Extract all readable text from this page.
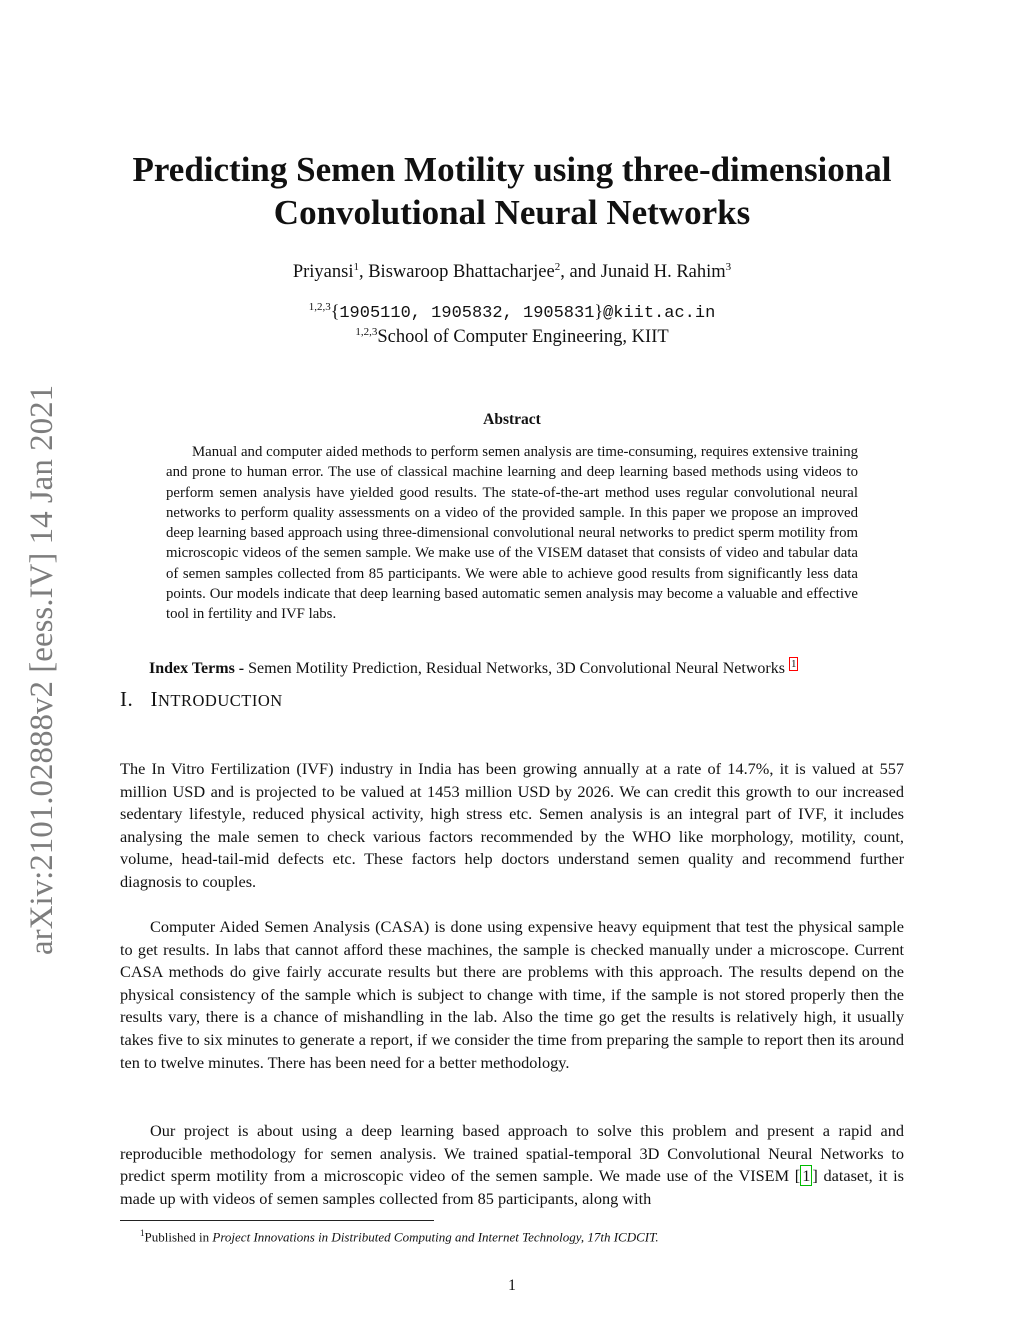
arXiv:2101.02888v2 [eess.IV] 14 Jan 2021
Predicting Semen Motility using three-dimensional
Convolutional Neural Networks
Priyansi$^1$, Biswaroop Bhattacharjee$^2$, and Junaid H. Rahim$^3$
$^{1,2,3}${1905110, 1905832, 1905831}@kiit.ac.in
$^{1,2,3}$School of Computer Engineering, KIIT
Abstract

Manual and computer aided methods to perform semen analysis are time-consuming, requires extensive training and prone to human error. The use of classical machine learning and deep learning based methods using videos to perform semen analysis have yielded good results. The state-of-the-art method uses regular convolutional neural networks to perform quality assessments on a video of the provided sample. In this paper we propose an improved deep learning based approach using three-dimensional convolutional neural networks to predict sperm motility from microscopic videos of the semen sample. We make use of the VISEM dataset that consists of video and tabular data of semen samples collected from 85 participants. We were able to achieve good results from significantly less data points. Our models indicate that deep learning based automatic semen analysis may become a valuable and effective tool in fertility and IVF labs.

Index Terms - Semen Motility Prediction, Residual Networks, 3D Convolutional Neural Networks $^1$
I. INTRODUCTION

The In Vitro Fertilization (IVF) industry in India has been growing annually at a rate of 14.7%, it is valued at 557 million USD and is projected to be valued at 1453 million USD by 2026. We can credit this growth to our increased sedentary lifestyle, reduced physical activity, high stress etc. Semen analysis is an integral part of IVF, it includes analysing the male semen to check various factors recommended by the WHO like morphology, motility, count, volume, head-tail-mid defects etc. These factors help doctors understand semen quality and recommend further diagnosis to couples.

Computer Aided Semen Analysis (CASA) is done using expensive heavy equipment that test the physical sample to get results. In labs that cannot afford these machines, the sample is checked manually under a microscope. Current CASA methods do give fairly accurate results but there are problems with this approach. The results depend on the physical consistency of the sample which is subject to change with time, if the sample is not stored properly then the results vary, there is a chance of mishandling in the lab. Also the time go get the results is relatively high, it usually takes five to six minutes to generate a report, if we consider the time from preparing the sample to report then its around ten to twelve minutes. There has been need for a better methodology.

Our project is about using a deep learning based approach to solve this problem and present a rapid and reproducible methodology for semen analysis. We trained spatial-temporal 3D Convolutional Neural Networks to predict sperm motility from a microscopic video of the semen sample. We made use of the VISEM [ 1 ] dataset, it is made up with videos of semen samples collected from 85 participants, along with

$^1$Published in Project Innovations in Distributed Computing and Internet Technology, 17th ICDCIT.
1
